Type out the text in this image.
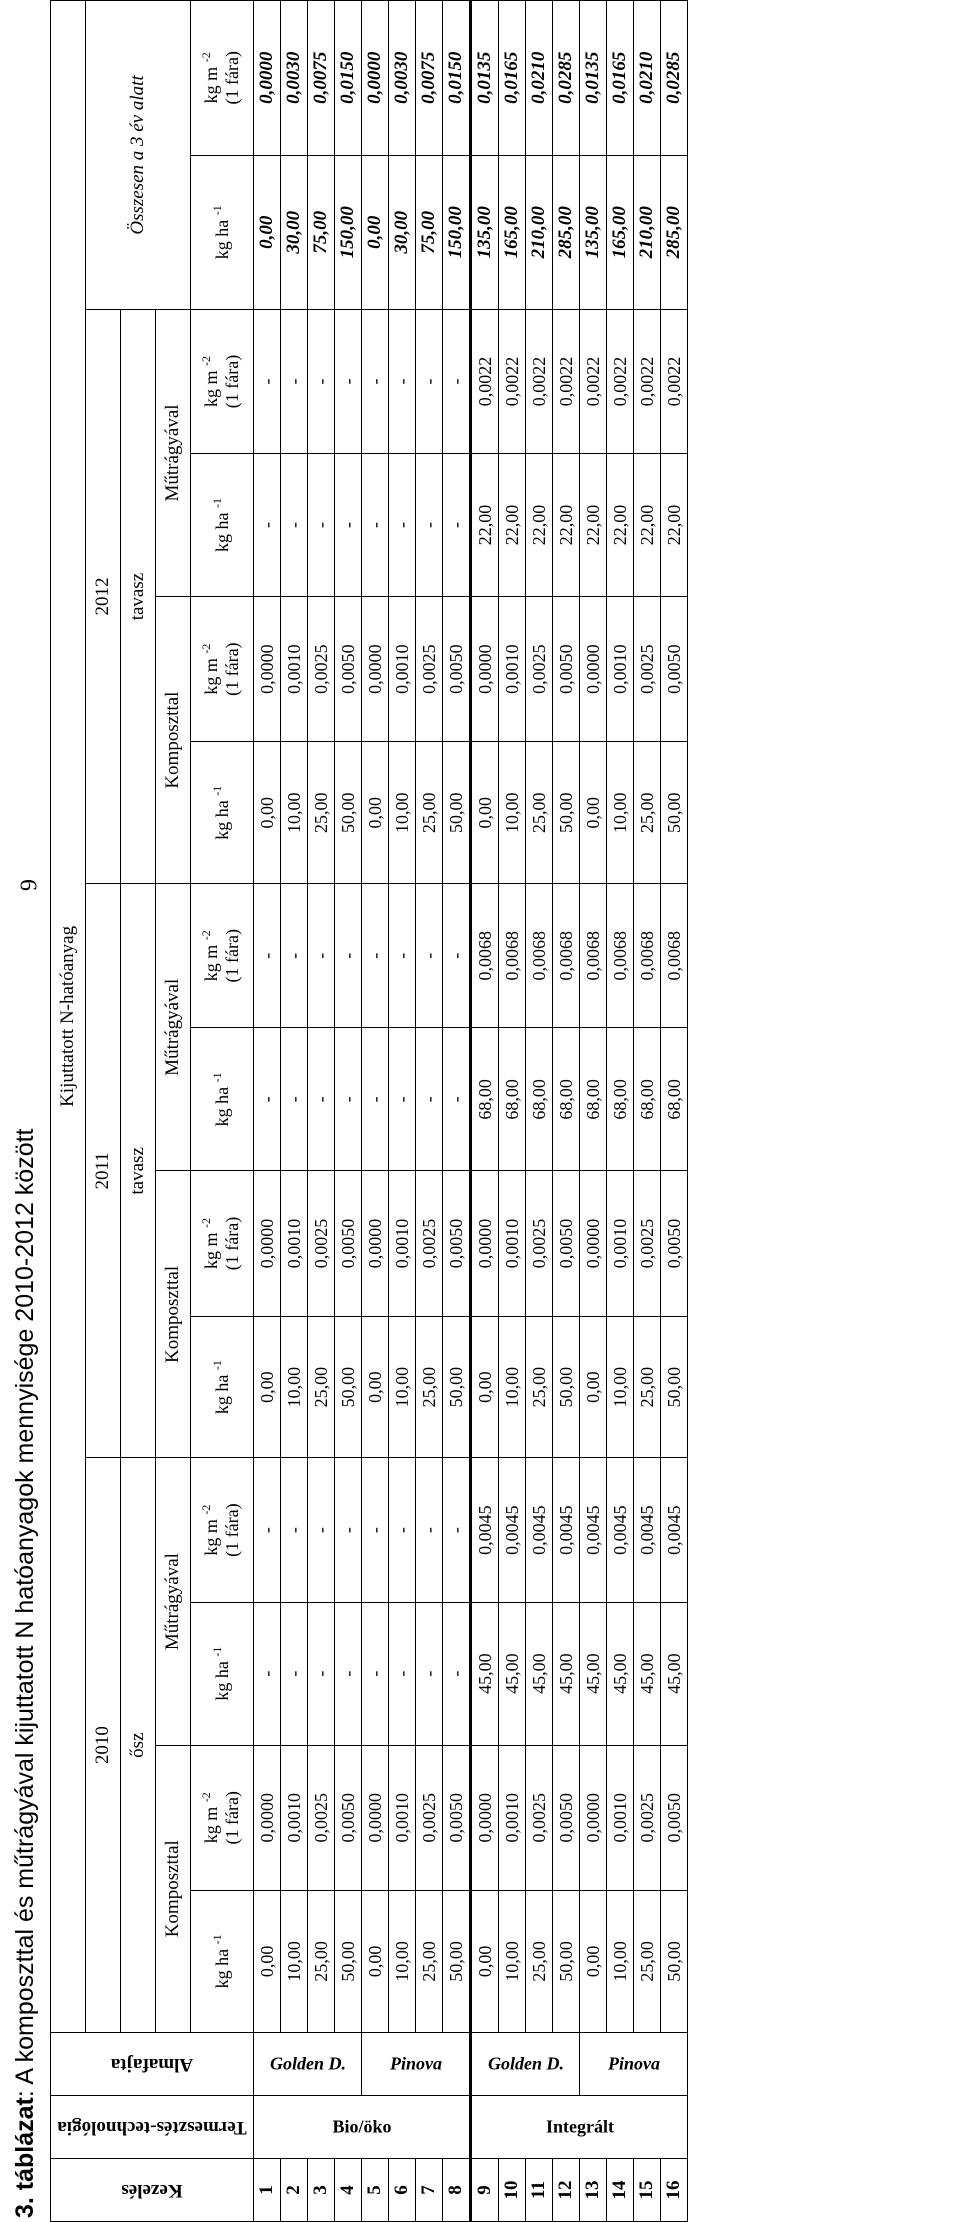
3. táblázat: A komposzttal és műtrágyával kijuttatott N hatóanyagok mennyisége 2010-2012 között
Kezelés	Termesztés-technológia	Almafajta	Kijuttatott N-hatóanyag													
			2010				2011				2012				Összesen a 3 év alatt	
			ősz				tavasz				tavasz					
			Komposzttal		Műtrágyával		Komposzttal		Műtrágyával		Komposzttal		Műtrágyával			
			kg ha $^{-1}$	kg m $^{-2}$ (1 fára)	kg ha $^{-1}$	kg m $^{-2}$ (1 fára)	kg ha $^{-1}$	kg m $^{-2}$ (1 fára)	kg ha $^{-1}$	kg m $^{-2}$ (1 fára)	kg ha $^{-1}$	kg m $^{-2}$ (1 fára)	kg ha $^{-1}$	kg m $^{-2}$ (1 fára)	kg ha $^{-1}$	kg m $^{-2}$ (1 fára)
1	Bio/öko	Golden D.	0,00	0,0000	-	-	0,00	0,0000	-	-	0,00	0,0000	-	-	0,00	0,0000
2			10,00	0,0010	-	-	10,00	0,0010	-	-	10,00	0,0010	-	-	30,00	0,0030
3			25,00	0,0025	-	-	25,00	0,0025	-	-	25,00	0,0025	-	-	75,00	0,0075
4			50,00	0,0050	-	-	50,00	0,0050	-	-	50,00	0,0050	-	-	150,00	0,0150
5		Pinova	0,00	0,0000	-	-	0,00	0,0000	-	-	0,00	0,0000	-	-	0,00	0,0000
6			10,00	0,0010	-	-	10,00	0,0010	-	-	10,00	0,0010	-	-	30,00	0,0030
7			25,00	0,0025	-	-	25,00	0,0025	-	-	25,00	0,0025	-	-	75,00	0,0075
8			50,00	0,0050	-	-	50,00	0,0050	-	-	50,00	0,0050	-	-	150,00	0,0150
9	Integrált	Golden D.	0,00	0,0000	45,00	0,0045	0,00	0,0000	68,00	0,0068	0,00	0,0000	22,00	0,0022	135,00	0,0135
10			10,00	0,0010	45,00	0,0045	10,00	0,0010	68,00	0,0068	10,00	0,0010	22,00	0,0022	165,00	0,0165
11			25,00	0,0025	45,00	0,0045	25,00	0,0025	68,00	0,0068	25,00	0,0025	22,00	0,0022	210,00	0,0210
12			50,00	0,0050	45,00	0,0045	50,00	0,0050	68,00	0,0068	50,00	0,0050	22,00	0,0022	285,00	0,0285
13		Pinova	0,00	0,0000	45,00	0,0045	0,00	0,0000	68,00	0,0068	0,00	0,0000	22,00	0,0022	135,00	0,0135
14			10,00	0,0010	45,00	0,0045	10,00	0,0010	68,00	0,0068	10,00	0,0010	22,00	0,0022	165,00	0,0165
15			25,00	0,0025	45,00	0,0045	25,00	0,0025	68,00	0,0068	25,00	0,0025	22,00	0,0022	210,00	0,0210
16			50,00	0,0050	45,00	0,0045	50,00	0,0050	68,00	0,0068	50,00	0,0050	22,00	0,0022	285,00	0,0285
6
